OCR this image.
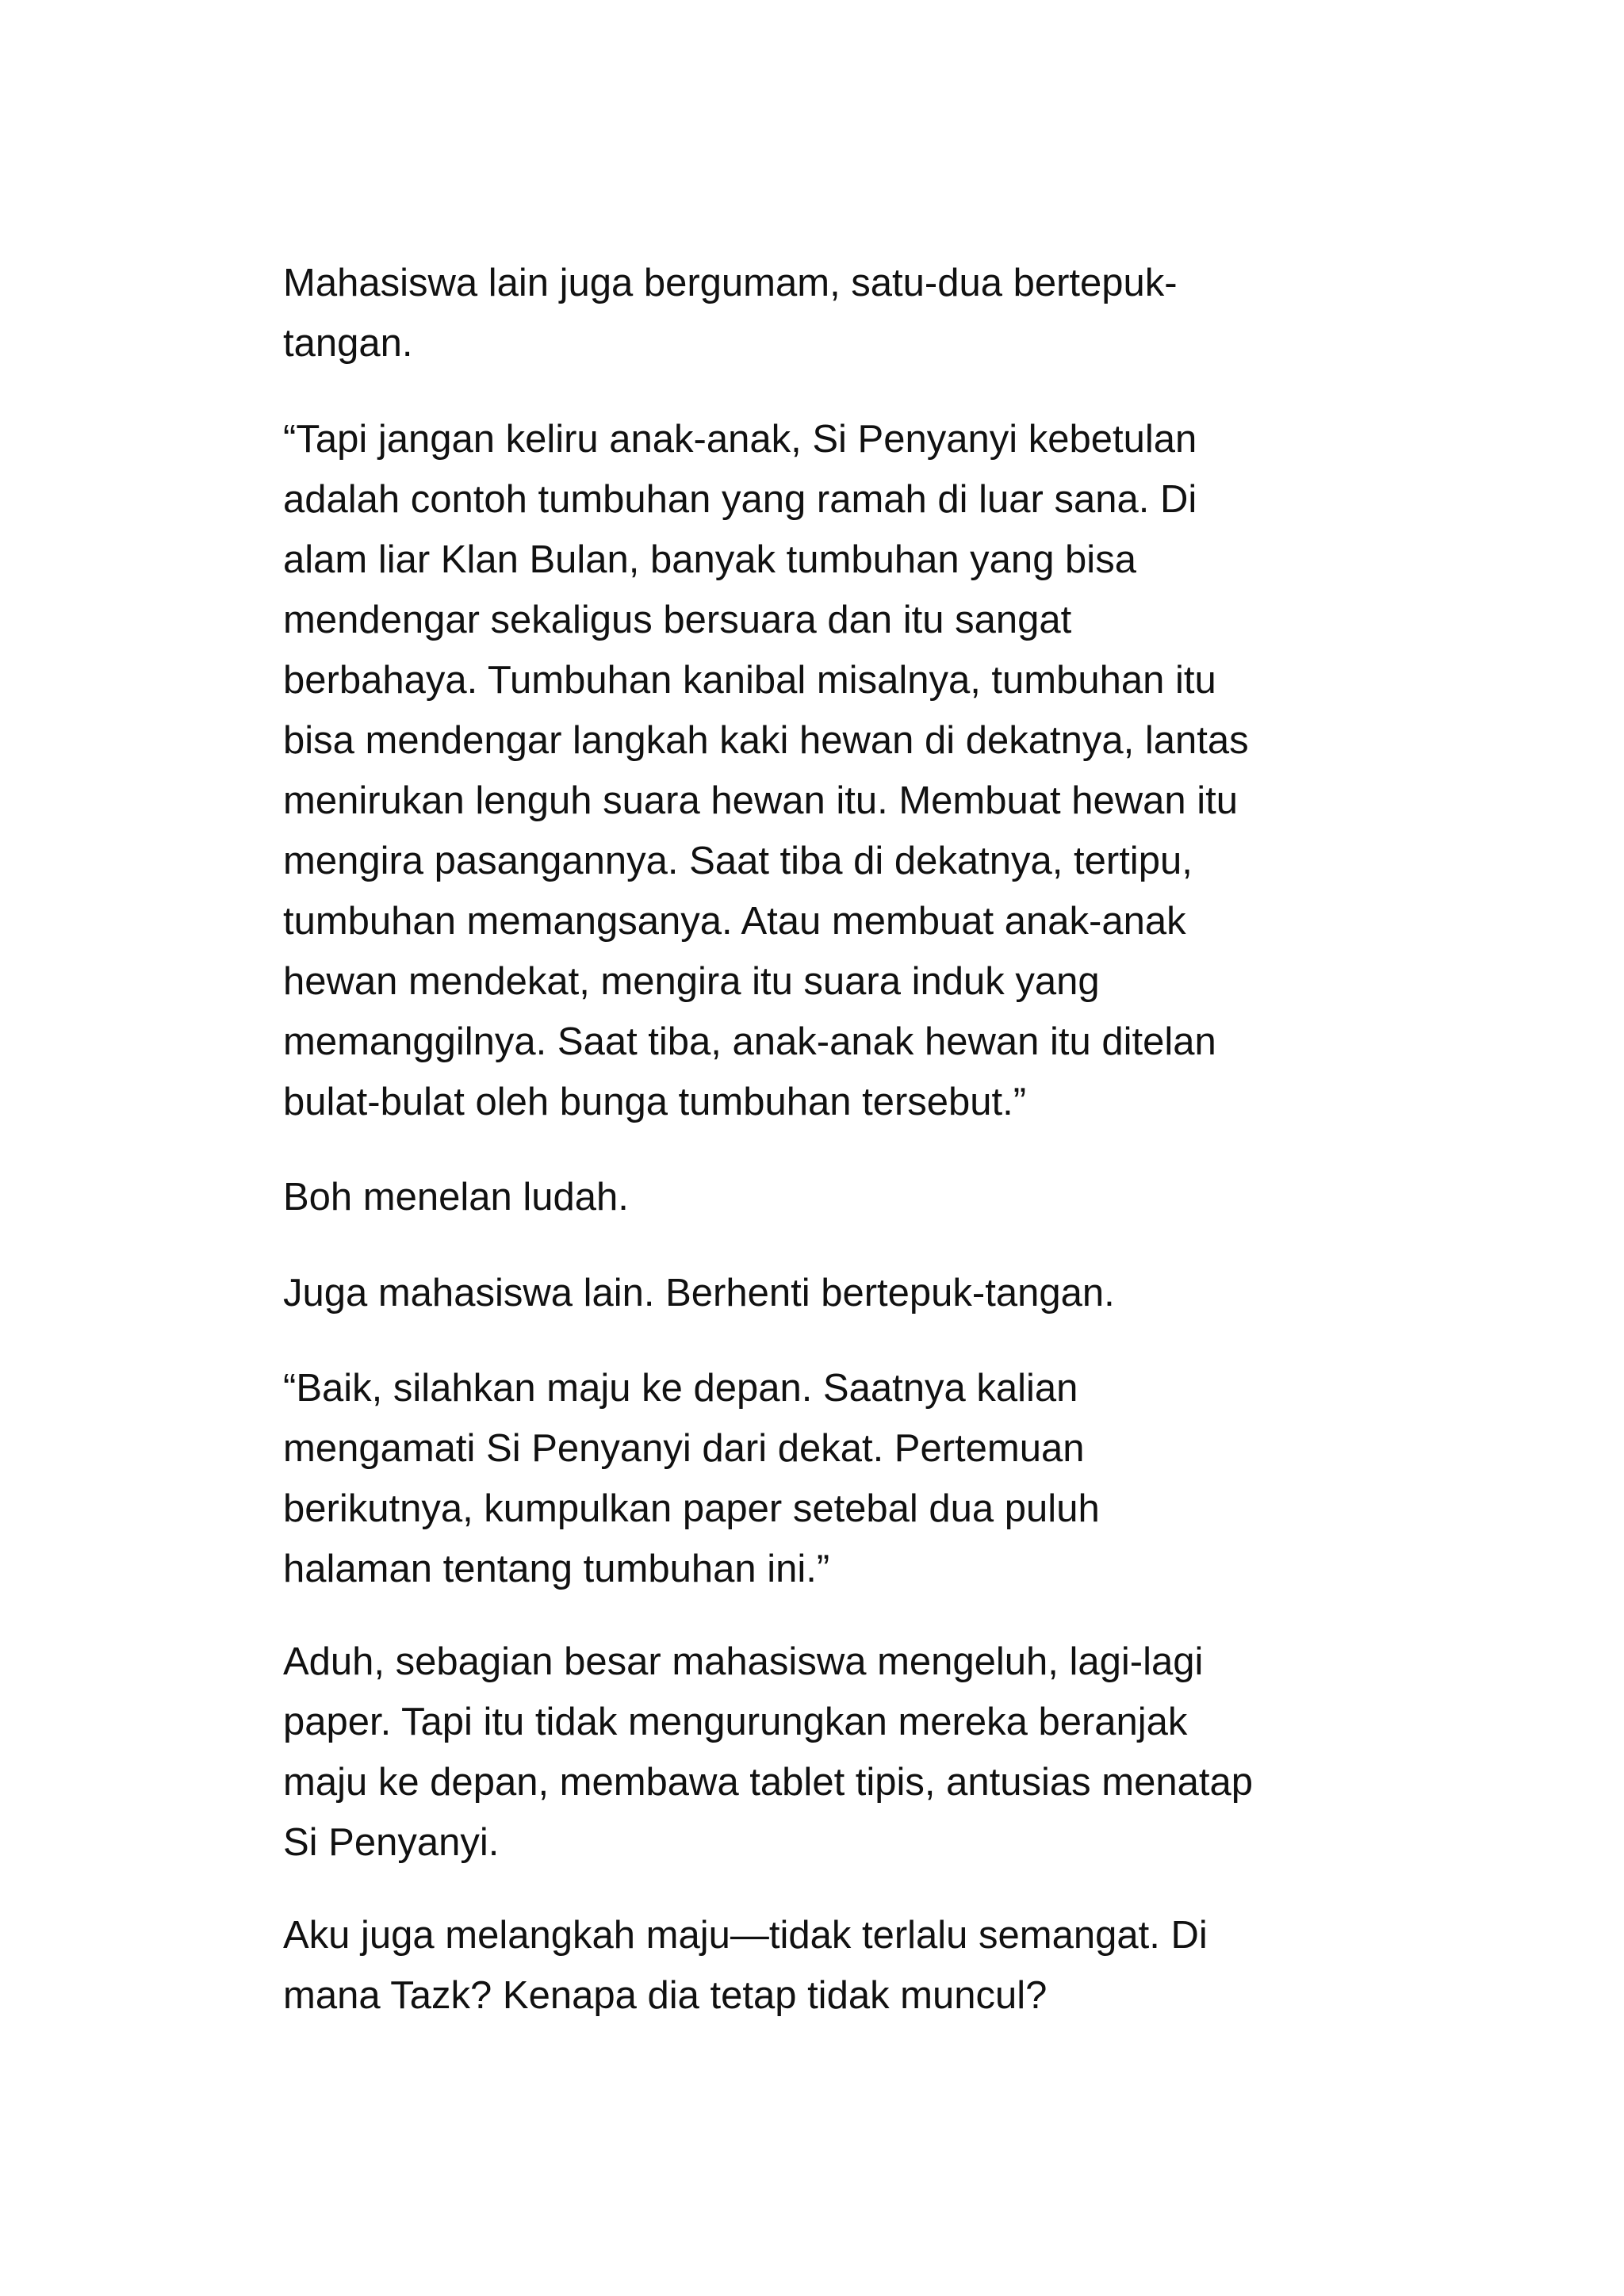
Mahasiswa lain juga bergumam, satu-dua bertepuk-
tangan.

“Tapi jangan keliru anak-anak, Si Penyanyi kebetulan
adalah contoh tumbuhan yang ramah di luar sana. Di
alam liar Klan Bulan, banyak tumbuhan yang bisa
mendengar sekaligus bersuara dan itu sangat
berbahaya. Tumbuhan kanibal misalnya, tumbuhan itu
bisa mendengar langkah kaki hewan di dekatnya, lantas
menirukan lenguh suara hewan itu. Membuat hewan itu
mengira pasangannya. Saat tiba di dekatnya, tertipu,
tumbuhan memangsanya. Atau membuat anak-anak
hewan mendekat, mengira itu suara induk yang
memanggilnya. Saat tiba, anak-anak hewan itu ditelan
bulat-bulat oleh bunga tumbuhan tersebut.”

Boh menelan ludah.

Juga mahasiswa lain. Berhenti bertepuk-tangan.

“Baik, silahkan maju ke depan. Saatnya kalian
mengamati Si Penyanyi dari dekat. Pertemuan
berikutnya, kumpulkan paper setebal dua puluh
halaman tentang tumbuhan ini.”

Aduh, sebagian besar mahasiswa mengeluh, lagi-lagi
paper. Tapi itu tidak mengurungkan mereka beranjak
maju ke depan, membawa tablet tipis, antusias menatap
Si Penyanyi.

Aku juga melangkah maju—tidak terlalu semangat. Di
mana Tazk? Kenapa dia tetap tidak muncul?
